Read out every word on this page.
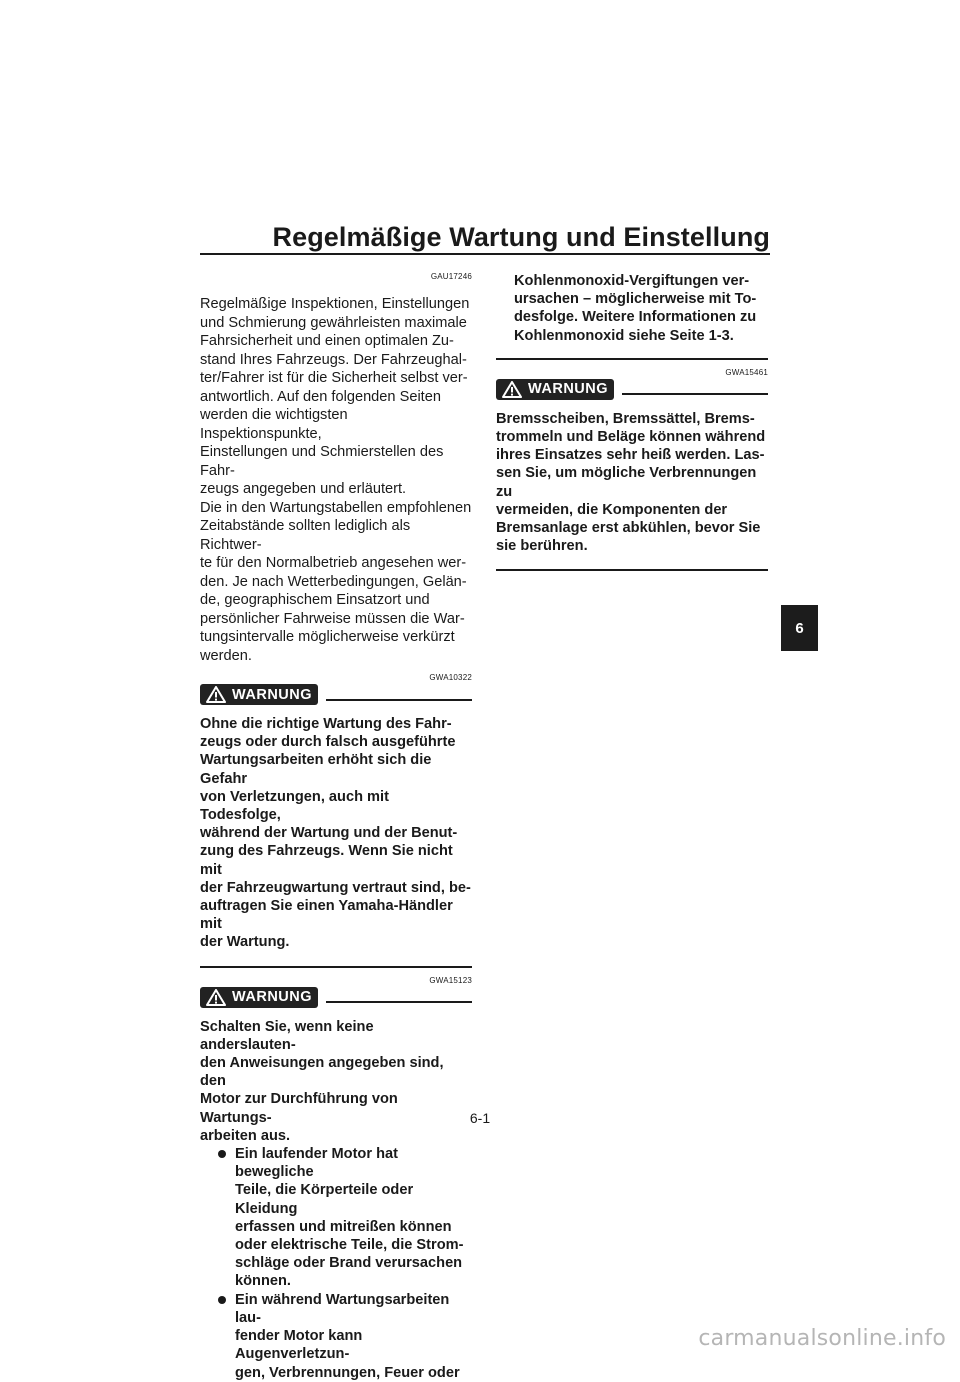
Regelmäßige Wartung und Einstellung
GAU17246

Regelmäßige Inspektionen, Einstellungen

und Schmierung gewährleisten maximale

Fahrsicherheit und einen optimalen Zu-

stand Ihres Fahrzeugs. Der Fahrzeughal-

ter/Fahrer ist für die Sicherheit selbst ver-

antwortlich. Auf den folgenden Seiten

werden die wichtigsten Inspektionspunkte,

Einstellungen und Schmierstellen des Fahr-

zeugs angegeben und erläutert.

Die in den Wartungstabellen empfohlenen

Zeitabstände sollten lediglich als Richtwer-

te für den Normalbetrieb angesehen wer-

den. Je nach Wetterbedingungen, Gelän-

de, geographischem Einsatzort und

persönlicher Fahrweise müssen die War-

tungsintervalle möglicherweise verkürzt

werden.

GWA10322
WARNUNG
Ohne die richtige Wartung des Fahr-
zeugs oder durch falsch ausgeführte
Wartungsarbeiten erhöht sich die Gefahr
von Verletzungen, auch mit Todesfolge,
während der Wartung und der Benut-
zung des Fahrzeugs. Wenn Sie nicht mit
der Fahrzeugwartung vertraut sind, be-
auftragen Sie einen Yamaha-Händler mit
der Wartung.
GWA15123
WARNUNG
Schalten Sie, wenn keine anderslauten-
den Anweisungen angegeben sind, den
Motor zur Durchführung von Wartungs-
arbeiten aus.
Ein laufender Motor hat bewegliche
Teile, die Körperteile oder Kleidung
erfassen und mitreißen können
oder elektrische Teile, die Strom-
schläge oder Brand verursachen
können.
Ein während Wartungsarbeiten lau-
fender Motor kann Augenverletzun-
gen, Verbrennungen, Feuer oder
Kohlenmonoxid-Vergiftungen ver-
ursachen – möglicherweise mit To-
desfolge. Weitere Informationen zu
Kohlenmonoxid siehe Seite 1-3.
GWA15461
WARNUNG
Bremsscheiben, Bremssättel, Brems-
trommeln und Beläge können während
ihres Einsatzes sehr heiß werden. Las-
sen Sie, um mögliche Verbrennungen zu
vermeiden, die Komponenten der
Bremsanlage erst abkühlen, bevor Sie
sie berühren.
6
6-1
carmanualsonline.info
